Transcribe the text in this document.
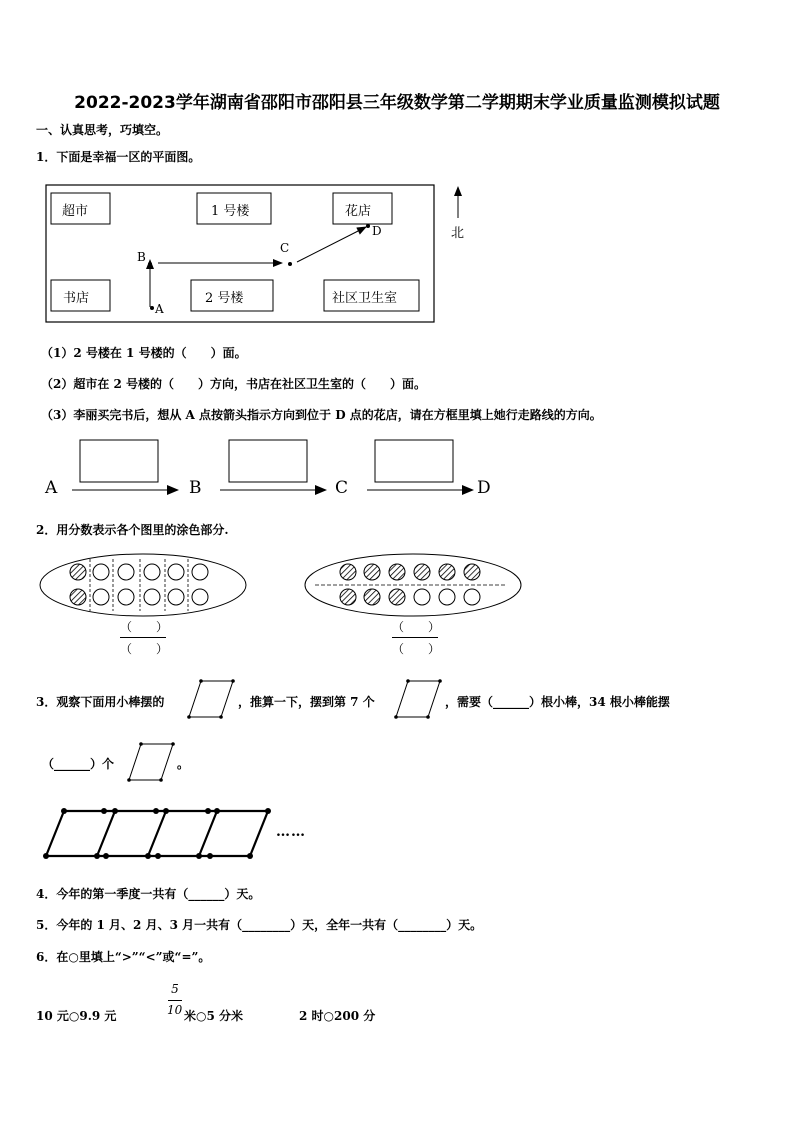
2022-2023学年湖南省邵阳市邵阳县三年级数学第二学期期末学业质量监测模拟试题
一、认真思考，巧填空。
1．下面是幸福一区的平面图。
超市	1 号楼	花店
书店	2 号楼	社区卫生室
A
B
C
D	北
（1）2 号楼在 1 号楼的（　　）面。
（2）超市在 2 号楼的（　　）方向，书店在社区卫生室的（　　）面。
（3）李丽买完书后，想从 A 点按箭头指示方向到位于 D 点的花店，请在方框里填上她行走路线的方向。
A	B	C	D
2．用分数表示各个图里的涂色部分.
（　　）
（　　）
（　　）
（　　）
3．观察下面用小棒摆的	，推算一下，摆到第 7 个	，需要（______）根小棒，34 根小棒能摆
（______）个	。
……
4．今年的第一季度一共有（______）天。
5．今年的 1 月、2 月、3 月一共有（________）天，全年一共有（________）天。
6．在○里填上“>”“<”或“=”。
10 元○9.9 元
5
10 米○5 分米	2 时○200 分
